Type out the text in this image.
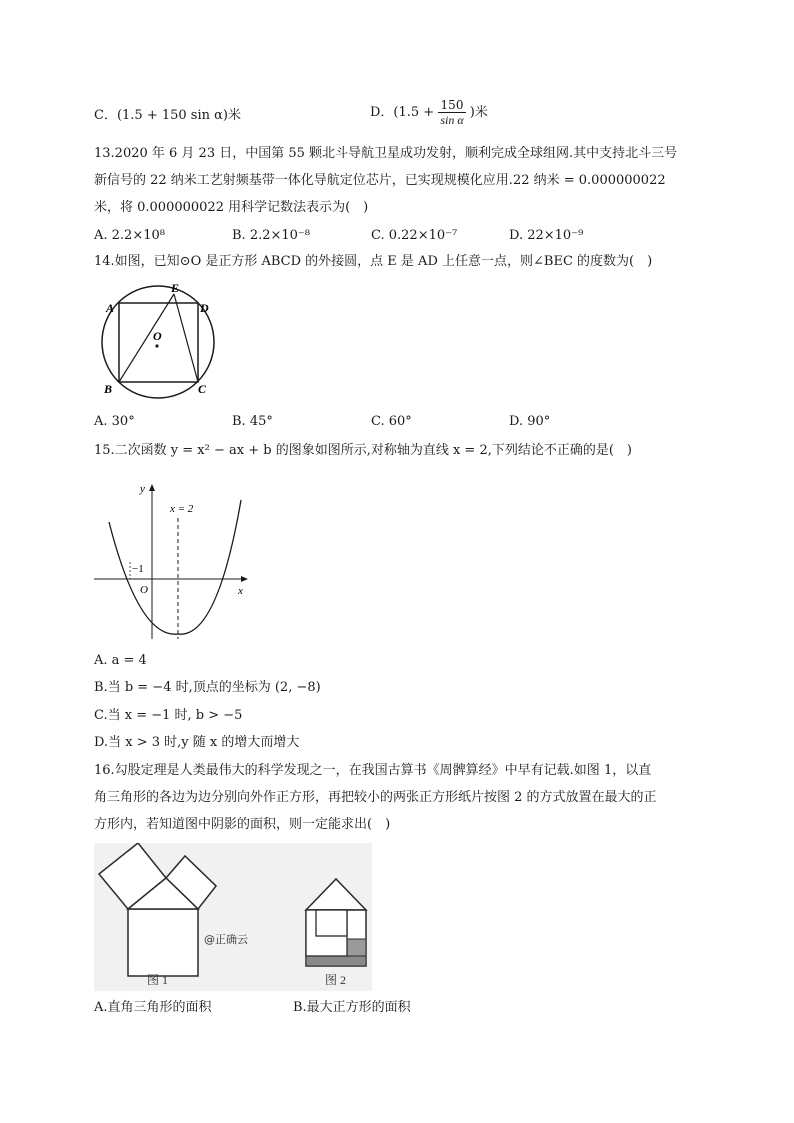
C．(1.5 + 150 sin α)米	D．($1.5 + \frac{150}{\text{sin α}}$ )米
13.2020 年 6 月 23 日，中国第 55 颗北斗导航卫星成功发射，顺利完成全球组网.其中支持北斗三号
新信号的 22 纳米工艺射频基带一体化导航定位芯片，已实现规模化应用.22 纳米 = 0.000000022
米，将 0.000000022 用科学记数法表示为(　)
A. 2.2×10⁸	B. 2.2×10⁻⁸	C. 0.22×10⁻⁷	D. 22×10⁻⁹
14.如图，已知⊙O 是正方形 ABCD 的外接圆，点 E 是 AD 上任意一点，则∠BEC 的度数为(　)
A
B	C
D
E
O
A. 30°	B. 45°	C. 60°	D. 90°
15.二次函数 y = x² − ax + b 的图象如图所示,对称轴为直线 x = 2,下列结论不正确的是(　)
y
x
O
−1
x = 2
A. a = 4
B.当 b = −4 时,顶点的坐标为 (2, −8)
C.当 x = −1 时, b > −5
D.当 x > 3 时,y 随 x 的增大而增大
16.勾股定理是人类最伟大的科学发现之一，在我国古算书《周髀算经》中早有记载.如图 1，以直
角三角形的各边为边分别向外作正方形，再把较小的两张正方形纸片按图 2 的方式放置在最大的正
方形内，若知道图中阴影的面积，则一定能求出(　)
@正确云
图 1	图 2
A.直角三角形的面积	B.最大正方形的面积
